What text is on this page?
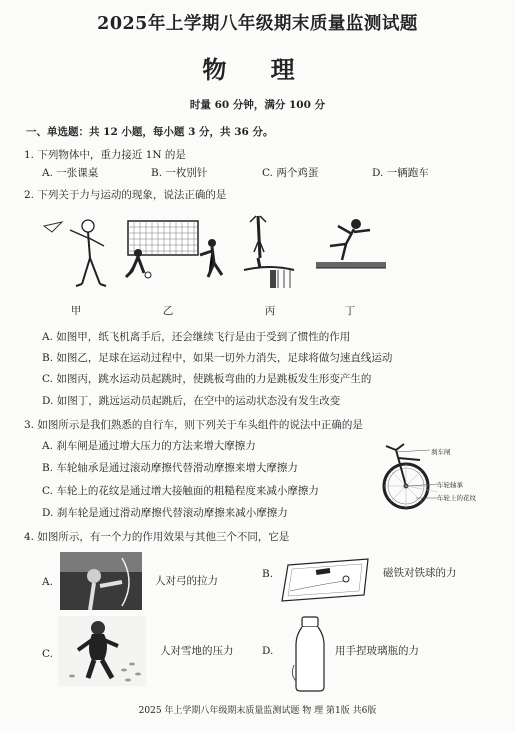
2025年上学期八年级期末质量监测试题
物 理
时量 60 分钟，满分 100 分
一、单选题：共 12 小题，每小题 3 分，共 36 分。
1. 下列物体中，重力接近 1N 的是
A. 一张课桌	B. 一枚别针	C. 两个鸡蛋	D. 一辆跑车
2. 下列关于力与运动的现象，说法正确的是
甲	乙	丙	丁
A. 如图甲，纸飞机离手后，还会继续飞行是由于受到了惯性的作用
B. 如图乙，足球在运动过程中，如果一切外力消失，足球将做匀速直线运动
C. 如图丙，跳水运动员起跳时，使跳板弯曲的力是跳板发生形变产生的
D. 如图丁，跳远运动员起跳后，在空中的运动状态没有发生改变
3. 如图所示是我们熟悉的自行车，则下列关于车头组件的说法中正确的是
A. 刹车闸是通过增大压力的方法来增大摩擦力
B. 车轮轴承是通过滚动摩擦代替滑动摩擦来增大摩擦力
C. 车轮上的花纹是通过增大接触面的粗糙程度来减小摩擦力
D. 刹车轮是通过滑动摩擦代替滚动摩擦来减小摩擦力
刹车闸
车轮轴承
车轮上的花纹
4. 如图所示，有一个力的作用效果与其他三个不同，它是
A.	人对弓的拉力
B.	磁铁对铁球的力
C.	人对雪地的压力	D.	用手捏玻璃瓶的力
2025 年上学期八年级期末质量监测试题 物 理 第1版 共6版
